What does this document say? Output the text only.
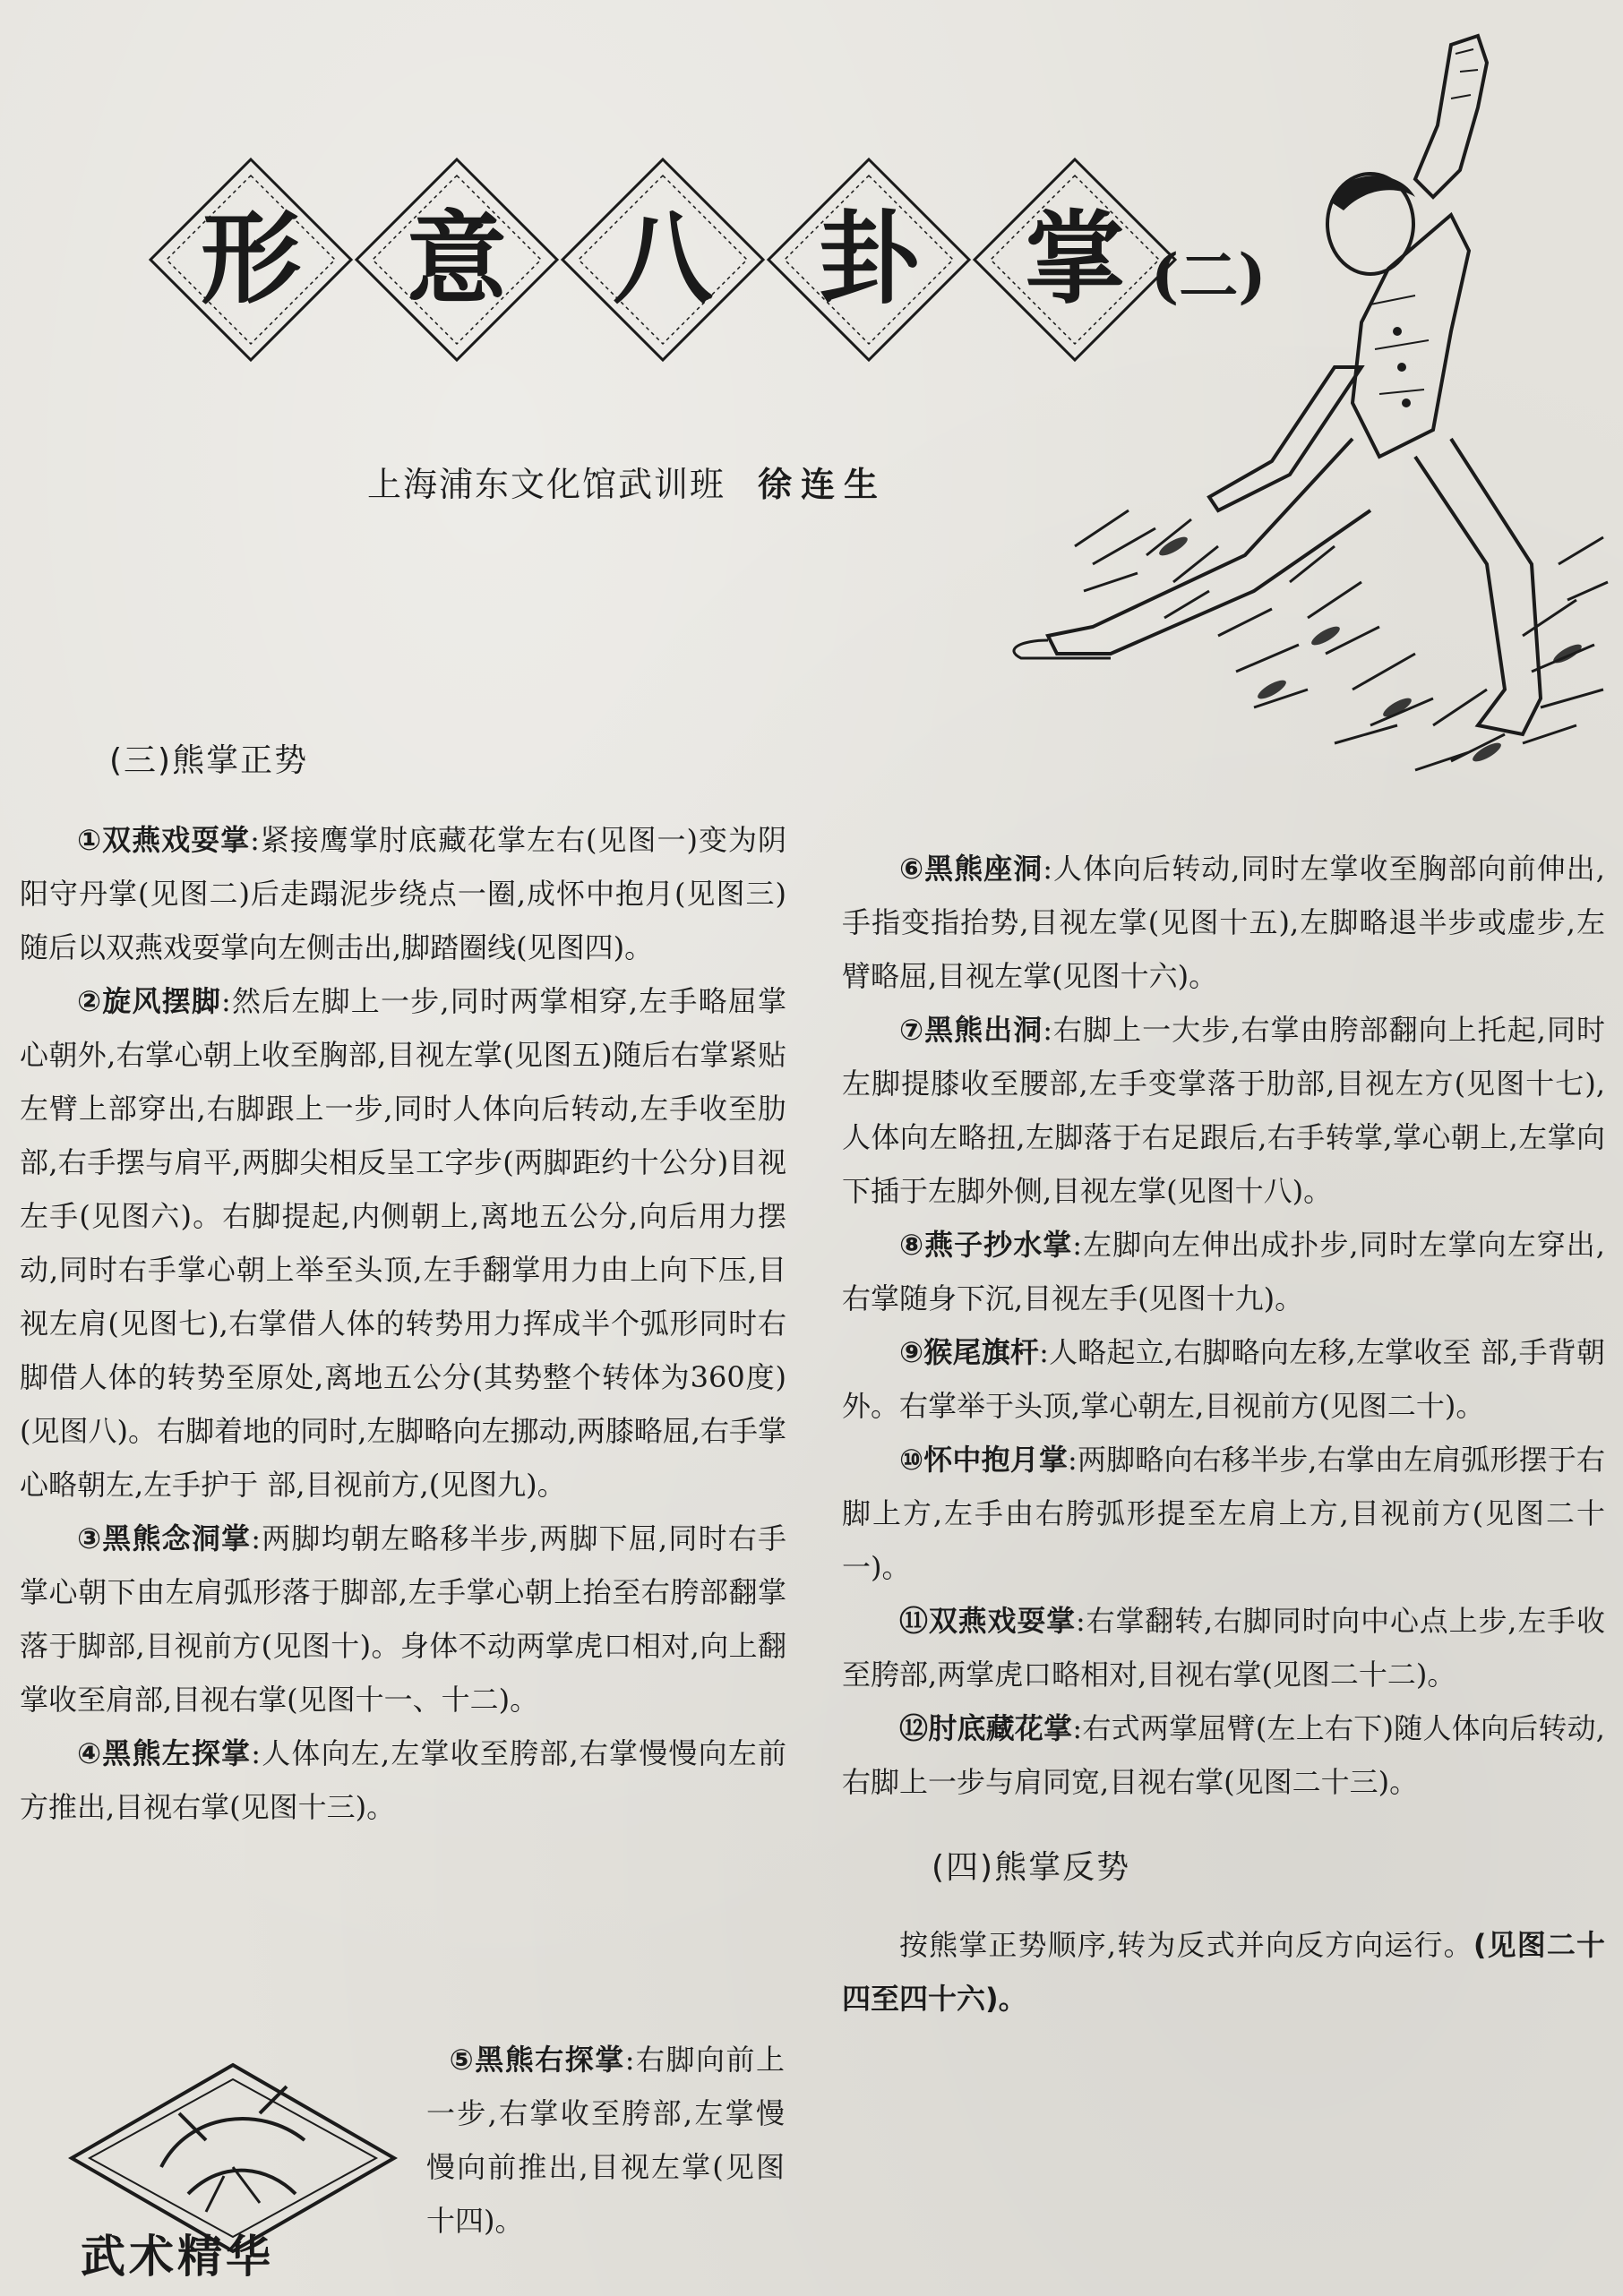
形	意	八	卦	掌 (二)
上海浦东文化馆武训班 徐连生
(三)熊掌正势

①双燕戏耍掌:紧接鹰掌肘底藏花掌左右(见图一)变为阴阳守丹掌(见图二)后走蹋泥步绕点一圈,成怀中抱月(见图三)随后以双燕戏耍掌向左侧击出,脚踏圈线(见图四)。

②旋风摆脚:然后左脚上一步,同时两掌相穿,左手略屈掌心朝外,右掌心朝上收至胸部,目视左掌(见图五)随后右掌紧贴左臂上部穿出,右脚跟上一步,同时人体向后转动,左手收至肋部,右手摆与肩平,两脚尖相反呈工字步(两脚距约十公分)目视左手(见图六)。右脚提起,内侧朝上,离地五公分,向后用力摆动,同时右手掌心朝上举至头顶,左手翻掌用力由上向下压,目视左肩(见图七),右掌借人体的转势用力挥成半个弧形同时右脚借人体的转势至原处,离地五公分(其势整个转体为360度)(见图八)。右脚着地的同时,左脚略向左挪动,两膝略屈,右手掌心略朝左,左手护于 部,目视前方,(见图九)。

③黑熊念洞掌:两脚均朝左略移半步,两脚下屈,同时右手掌心朝下由左肩弧形落于脚部,左手掌心朝上抬至右胯部翻掌落于脚部,目视前方(见图十)。身体不动两掌虎口相对,向上翻掌收至肩部,目视右掌(见图十一、十二)。

④黑熊左探掌:人体向左,左掌收至胯部,右掌慢慢向左前方推出,目视右掌(见图十三)。

⑤黑熊右探掌:右脚向前上一步,右掌收至胯部,左掌慢慢向前推出,目视左掌(见图十四)。

武术精华

⑥黑熊座洞:人体向后转动,同时左掌收至胸部向前伸出,手指变指抬势,目视左掌(见图十五),左脚略退半步或虚步,左臂略屈,目视左掌(见图十六)。

⑦黑熊出洞:右脚上一大步,右掌由胯部翻向上托起,同时左脚提膝收至腰部,左手变掌落于肋部,目视左方(见图十七),人体向左略扭,左脚落于右足跟后,右手转掌,掌心朝上,左掌向下插于左脚外侧,目视左掌(见图十八)。

⑧燕子抄水掌:左脚向左伸出成扑步,同时左掌向左穿出,右掌随身下沉,目视左手(见图十九)。

⑨猴尾旗杆:人略起立,右脚略向左移,左掌收至 部,手背朝外。右掌举于头顶,掌心朝左,目视前方(见图二十)。

⑩怀中抱月掌:两脚略向右移半步,右掌由左肩弧形摆于右脚上方,左手由右胯弧形提至左肩上方,目视前方(见图二十一)。

⑪双燕戏耍掌:右掌翻转,右脚同时向中心点上步,左手收至胯部,两掌虎口略相对,目视右掌(见图二十二)。

⑫肘底藏花掌:右式两掌屈臂(左上右下)随人体向后转动,右脚上一步与肩同宽,目视右掌(见图二十三)。

(四)熊掌反势

按熊掌正势顺序,转为反式并向反方向运行。(见图二十四至四十六)。
